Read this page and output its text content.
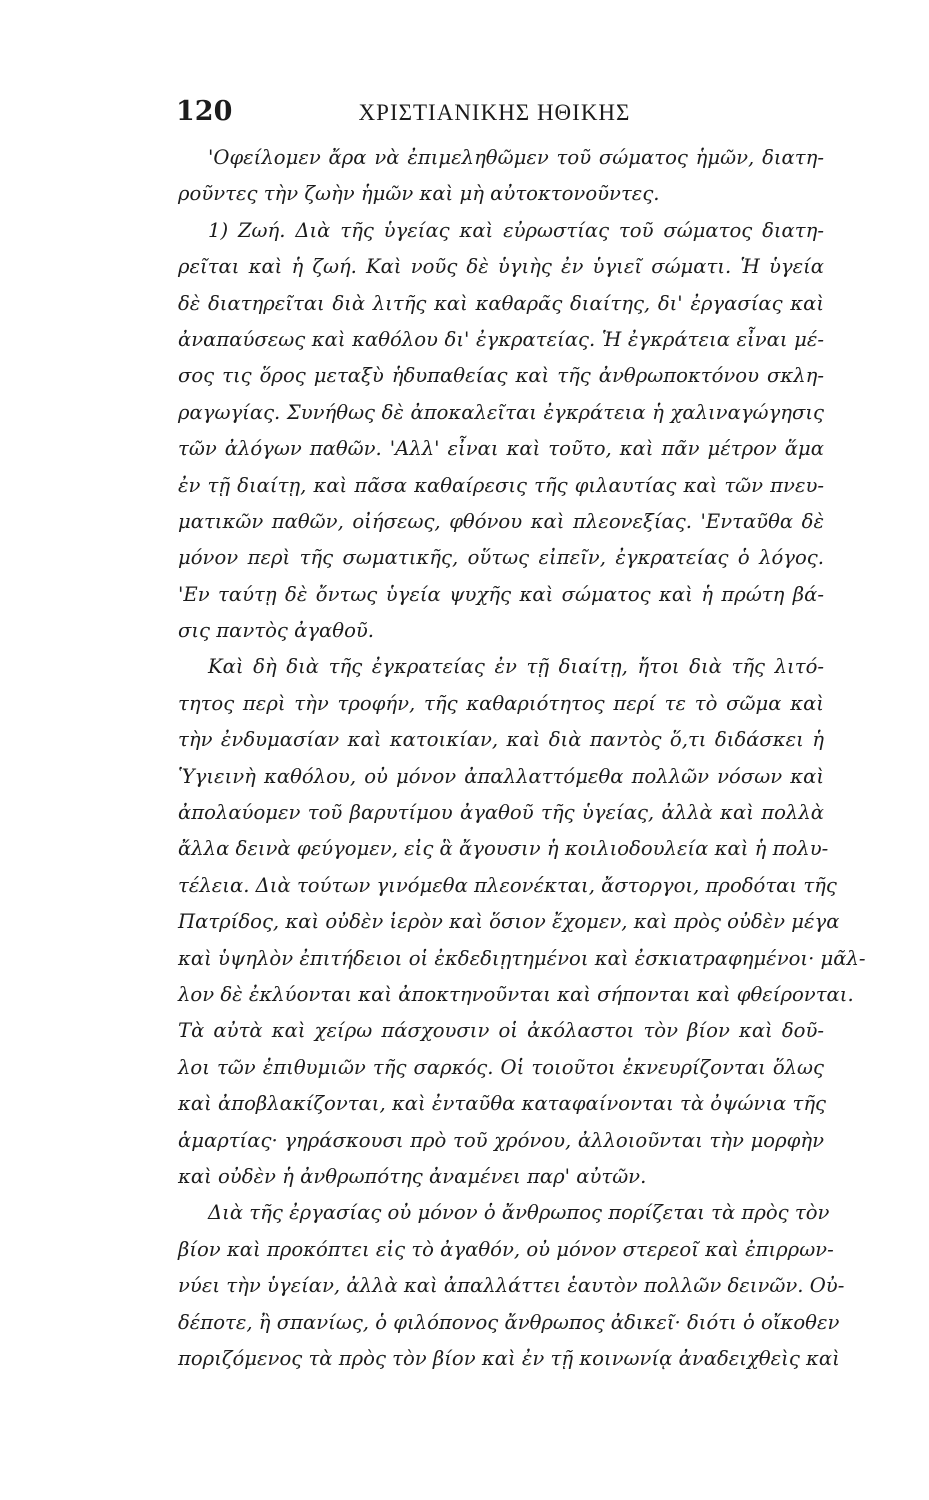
120	ΧΡΙΣΤΙΑΝΙΚΗΣ ΗΘΙΚΗΣ
'Οφείλομεν ἄρα νὰ ἐπιμεληθῶμεν τοῦ σώματος ἡμῶν, διατη-
ροῦντες τὴν ζωὴν ἡμῶν καὶ μὴ αὐτοκτονοῦντες.
1) Ζωή. Διὰ τῆς ὑγείας καὶ εὐρωστίας τοῦ σώματος διατη-
ρεῖται καὶ ἡ ζωή. Καὶ νοῦς δὲ ὑγιὴς ἐν ὑγιεῖ σώματι. Ἡ ὑγεία
δὲ διατηρεῖται διὰ λιτῆς καὶ καθαρᾶς διαίτης, δι' ἐργασίας καὶ
ἀναπαύσεως καὶ καθόλου δι' ἐγκρατείας. Ἡ ἐγκράτεια εἶναι μέ-
σος τις ὅρος μεταξὺ ἡδυπαθείας καὶ τῆς ἀνθρωποκτόνου σκλη-
ραγωγίας. Συνήθως δὲ ἀποκαλεῖται ἐγκράτεια ἡ χαλιναγώγησις
τῶν ἀλόγων παθῶν. 'Αλλ' εἶναι καὶ τοῦτο, καὶ πᾶν μέτρον ἅμα
ἐν τῇ διαίτῃ, καὶ πᾶσα καθαίρεσις τῆς φιλαυτίας καὶ τῶν πνευ-
ματικῶν παθῶν, οἰήσεως, φθόνου καὶ πλεονεξίας. 'Ενταῦθα δὲ
μόνον περὶ τῆς σωματικῆς, οὕτως εἰπεῖν, ἐγκρατείας ὁ λόγος.
'Εν ταύτῃ δὲ ὄντως ὑγεία ψυχῆς καὶ σώματος καὶ ἡ πρώτη βά-
σις παντὸς ἀγαθοῦ.
Καὶ δὴ διὰ τῆς ἐγκρατείας ἐν τῇ διαίτῃ, ἤτοι διὰ τῆς λιτό-
τητος περὶ τὴν τροφήν, τῆς καθαριότητος περί τε τὸ σῶμα καὶ
τὴν ἐνδυμασίαν καὶ κατοικίαν, καὶ διὰ παντὸς ὅ,τι διδάσκει ἡ
Ὑγιεινὴ καθόλου, οὐ μόνον ἀπαλλαττόμεθα πολλῶν νόσων καὶ
ἀπολαύομεν τοῦ βαρυτίμου ἀγαθοῦ τῆς ὑγείας, ἀλλὰ καὶ πολλὰ
ἄλλα δεινὰ φεύγομεν, εἰς ἃ ἄγουσιν ἡ κοιλιοδουλεία καὶ ἡ πολυ-
τέλεια. Διὰ τούτων γινόμεθα πλεονέκται, ἄστοργοι, προδόται τῆς
Πατρίδος, καὶ οὐδὲν ἱερὸν καὶ ὅσιον ἔχομεν, καὶ πρὸς οὐδὲν μέγα
καὶ ὑψηλὸν ἐπιτήδειοι οἱ ἐκδεδιῃτημένοι καὶ ἐσκιατραφημένοι· μᾶλ-
λον δὲ ἐκλύονται καὶ ἀποκτηνοῦνται καὶ σήπονται καὶ φθείρονται.
Τὰ αὐτὰ καὶ χείρω πάσχουσιν οἱ ἀκόλαστοι τὸν βίον καὶ δοῦ-
λοι τῶν ἐπιθυμιῶν τῆς σαρκός. Οἱ τοιοῦτοι ἐκνευρίζονται ὅλως
καὶ ἀποβλακίζονται, καὶ ἐνταῦθα καταφαίνονται τὰ ὀψώνια τῆς
ἁμαρτίας· γηράσκουσι πρὸ τοῦ χρόνου, ἀλλοιοῦνται τὴν μορφὴν
καὶ οὐδὲν ἡ ἀνθρωπότης ἀναμένει παρ' αὐτῶν.
Διὰ τῆς ἐργασίας οὐ μόνον ὁ ἄνθρωπος πορίζεται τὰ πρὸς τὸν
βίον καὶ προκόπτει εἰς τὸ ἀγαθόν, οὐ μόνον στερεοῖ καὶ ἐπιρρων-
νύει τὴν ὑγείαν, ἀλλὰ καὶ ἀπαλλάττει ἑαυτὸν πολλῶν δεινῶν. Οὐ-
δέποτε, ἢ σπανίως, ὁ φιλόπονος ἄνθρωπος ἀδικεῖ· διότι ὁ οἴκοθεν
ποριζόμενος τὰ πρὸς τὸν βίον καὶ ἐν τῇ κοινωνίᾳ ἀναδειχθεὶς καὶ
